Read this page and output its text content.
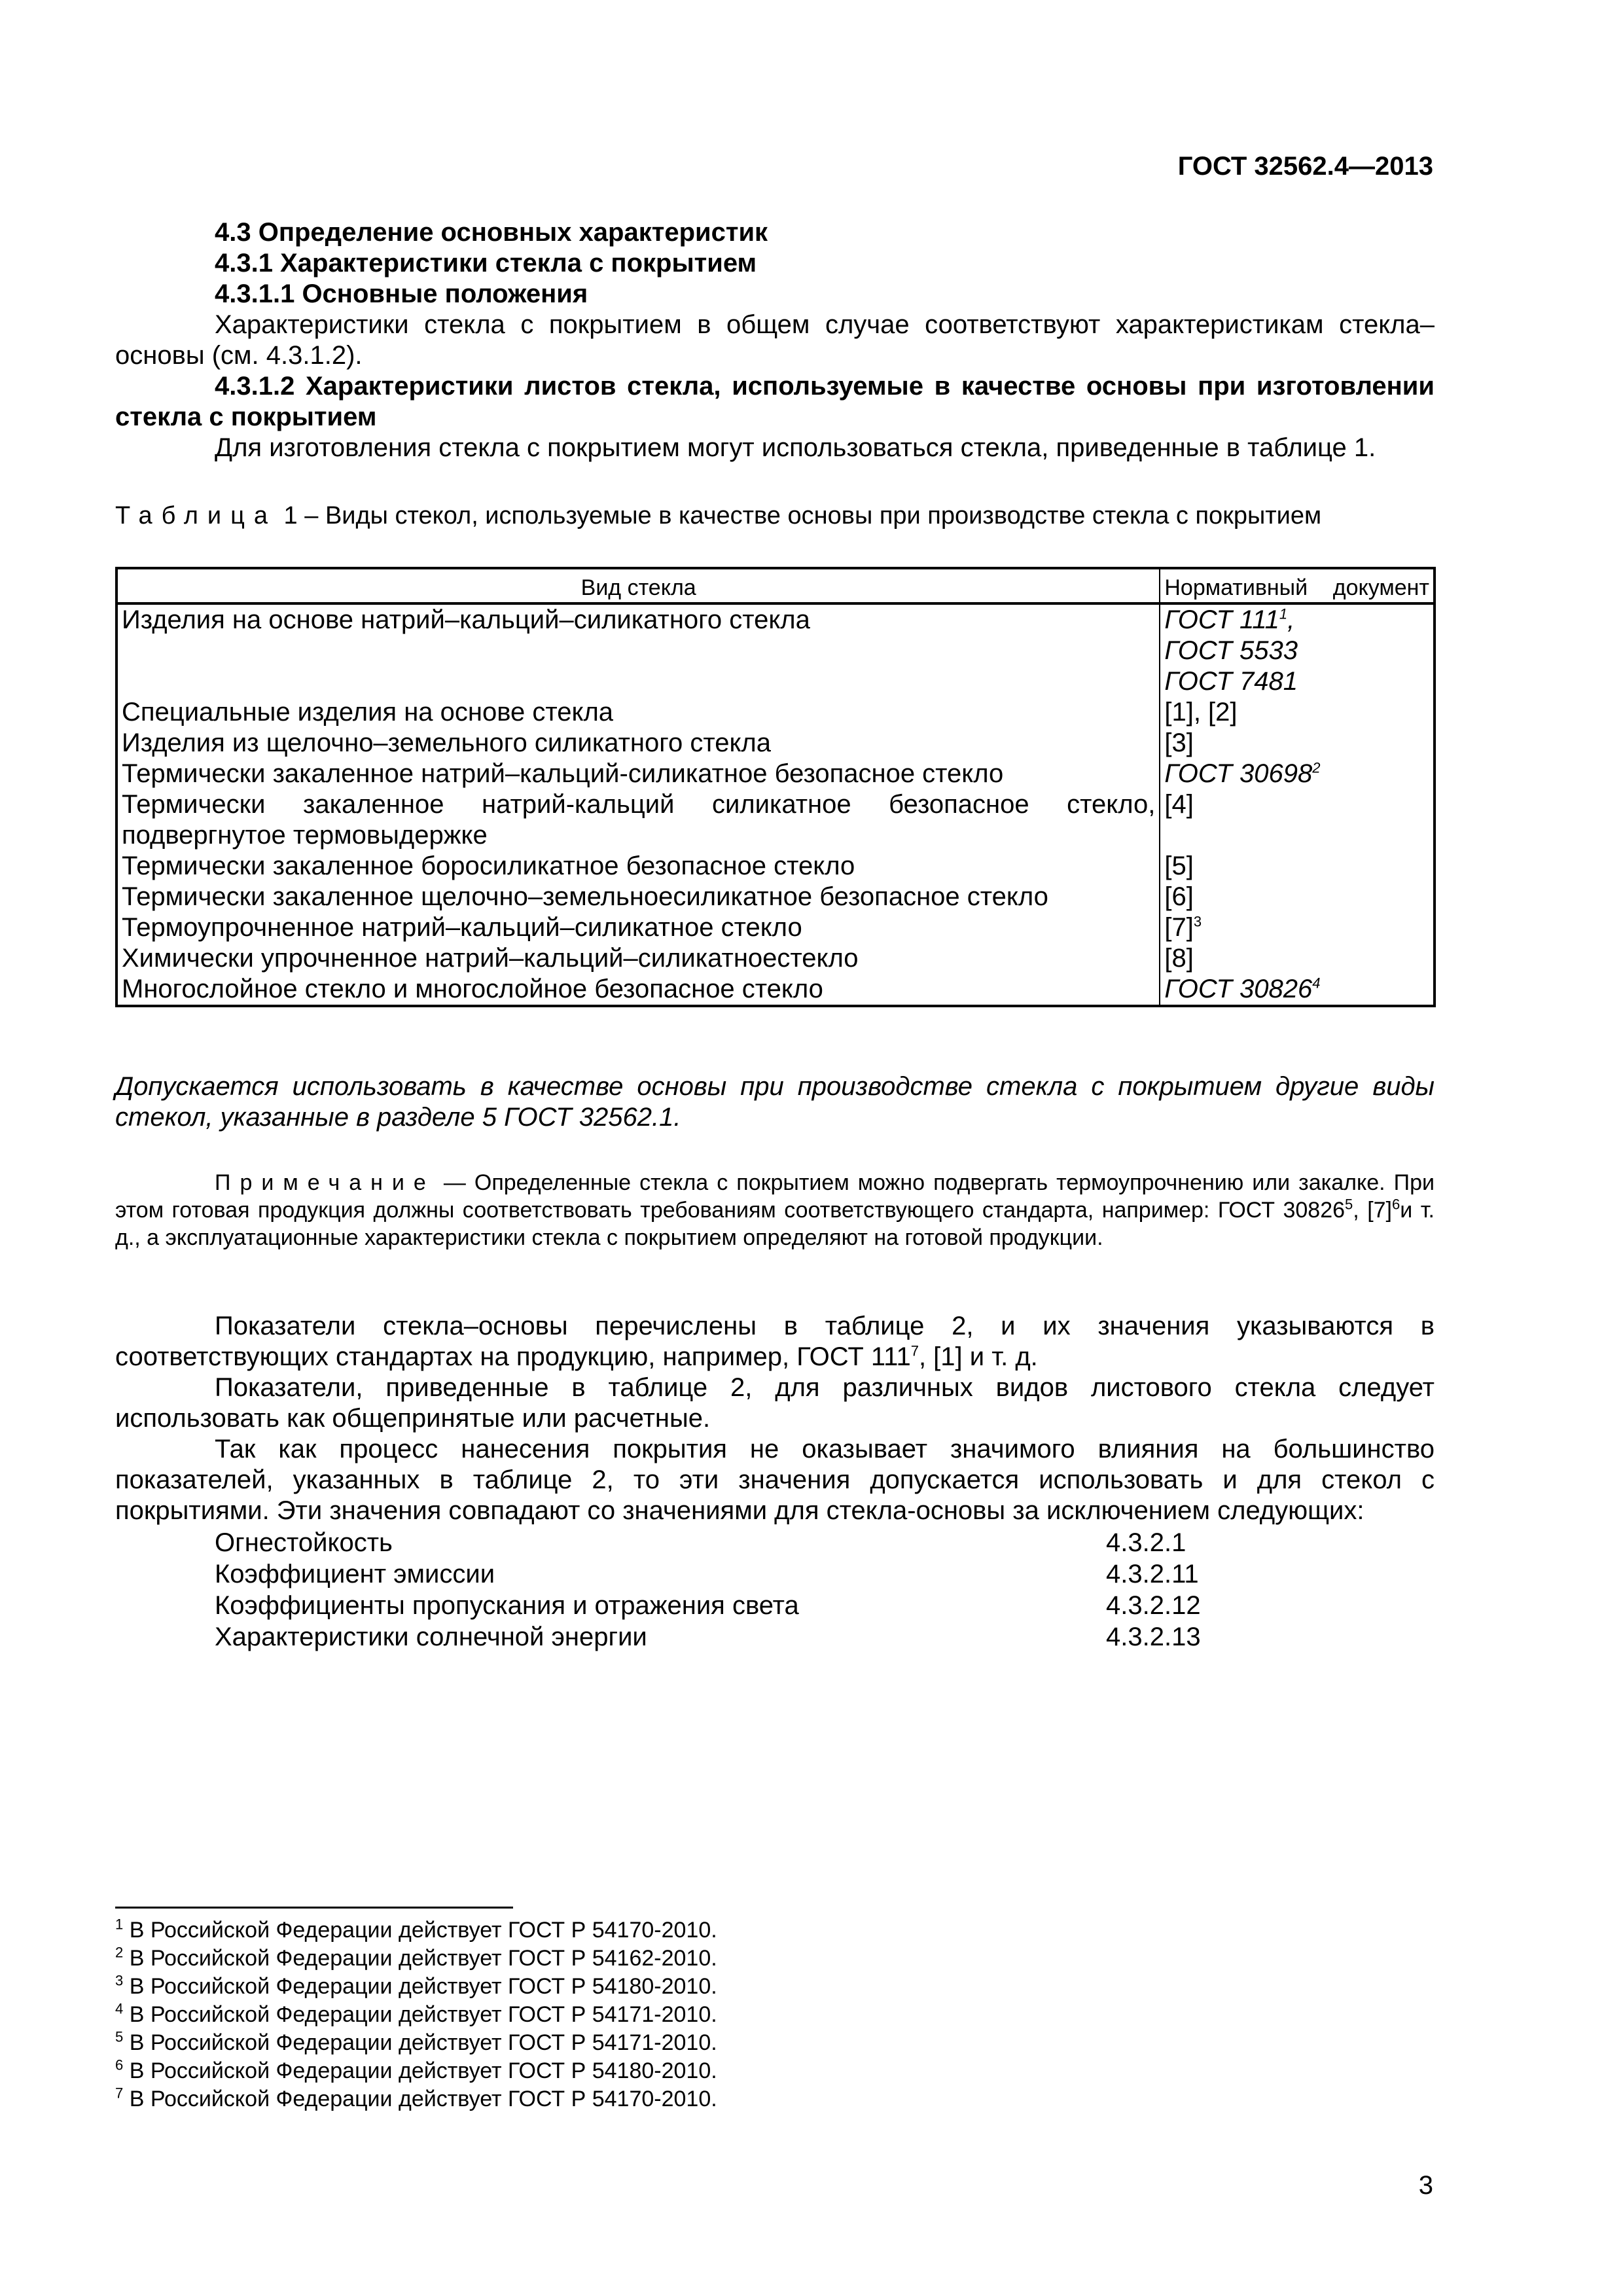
ГОСТ 32562.4—2013
4.3 Определение основных характеристик
4.3.1 Характеристики стекла с покрытием
4.3.1.1 Основные положения
Характеристики стекла с покрытием в общем случае соответствуют характеристикам стекла–основы (см. 4.3.1.2).
4.3.1.2 Характеристики листов стекла, используемые в качестве основы при изготовлении стекла с покрытием
Для изготовления стекла с покрытием могут использоваться стекла, приведенные в таблице 1.
Таблица 1 – Виды стекол, используемые в качестве основы при производстве стекла с покрытием
Вид стекла	Нормативный документ
Изделия на основе натрий–кальций–силикатного стекла	ГОСТ $111^1$,
	ГОСТ 5533
	ГОСТ 7481
Специальные изделия на основе стекла	[1], [2]
Изделия из щелочно–земельного силикатного стекла	[3]
Термически закаленное натрий–кальций-силикатное безопасное стекло	ГОСТ 30698$^2$
Термически закаленное натрий-кальций силикатное безопасное стекло, подвергнутое термовыдержке	[4]
Термически закаленное боросиликатное безопасное стекло	[5]
Термически закаленное щелочно–земельноесиликатное безопасное стекло	[6]
Термоупрочненное натрий–кальций–силикатное стекло	$[7]^3$
Химически упрочненное натрий–кальций–силикатноестекло	[8]
Многослойное стекло и многослойное безопасное стекло	ГОСТ 30826$^4$
Допускается использовать в качестве основы при производстве стекла с покрытием другие виды стекол, указанные в разделе 5 ГОСТ 32562.1.
Примечание — Определенные стекла с покрытием можно подвергать термоупрочнению или закалке. При этом готовая продукция должны соответствовать требованиям соответствующего стандарта, например: ГОСТ 30826$^5$, $[7]^6и$ т. д., а эксплуатационные характеристики стекла с покрытием определяют на готовой продукции.
Показатели стекла–основы перечислены в таблице 2, и их значения указываются в соответствующих стандартах на продукцию, например, ГОСТ $111^7$, [1] и т. д.
Показатели, приведенные в таблице 2, для различных видов листового стекла следует использовать как общепринятые или расчетные.
Так как процесс нанесения покрытия не оказывает значимого влияния на большинство показателей, указанных в таблице 2, то эти значения допускается использовать и для стекол с покрытиями. Эти значения совпадают со значениями для стекла-основы за исключением следующих:
Огнестойкость	4.3.2.1
Коэффициент эмиссии	4.3.2.11
Коэффициенты пропускания и отражения света	4.3.2.12
Характеристики солнечной энергии	4.3.2.13
$^1$ В Российской Федерации действует ГОСТ Р 54170-2010.
$^2$ В Российской Федерации действует ГОСТ Р 54162-2010.
$^3$ В Российской Федерации действует ГОСТ Р 54180-2010.
$^4$ В Российской Федерации действует ГОСТ Р 54171-2010.
$^5$ В Российской Федерации действует ГОСТ Р 54171-2010.
$^6$ В Российской Федерации действует ГОСТ Р 54180-2010.
$^7$ В Российской Федерации действует ГОСТ Р 54170-2010.
3
